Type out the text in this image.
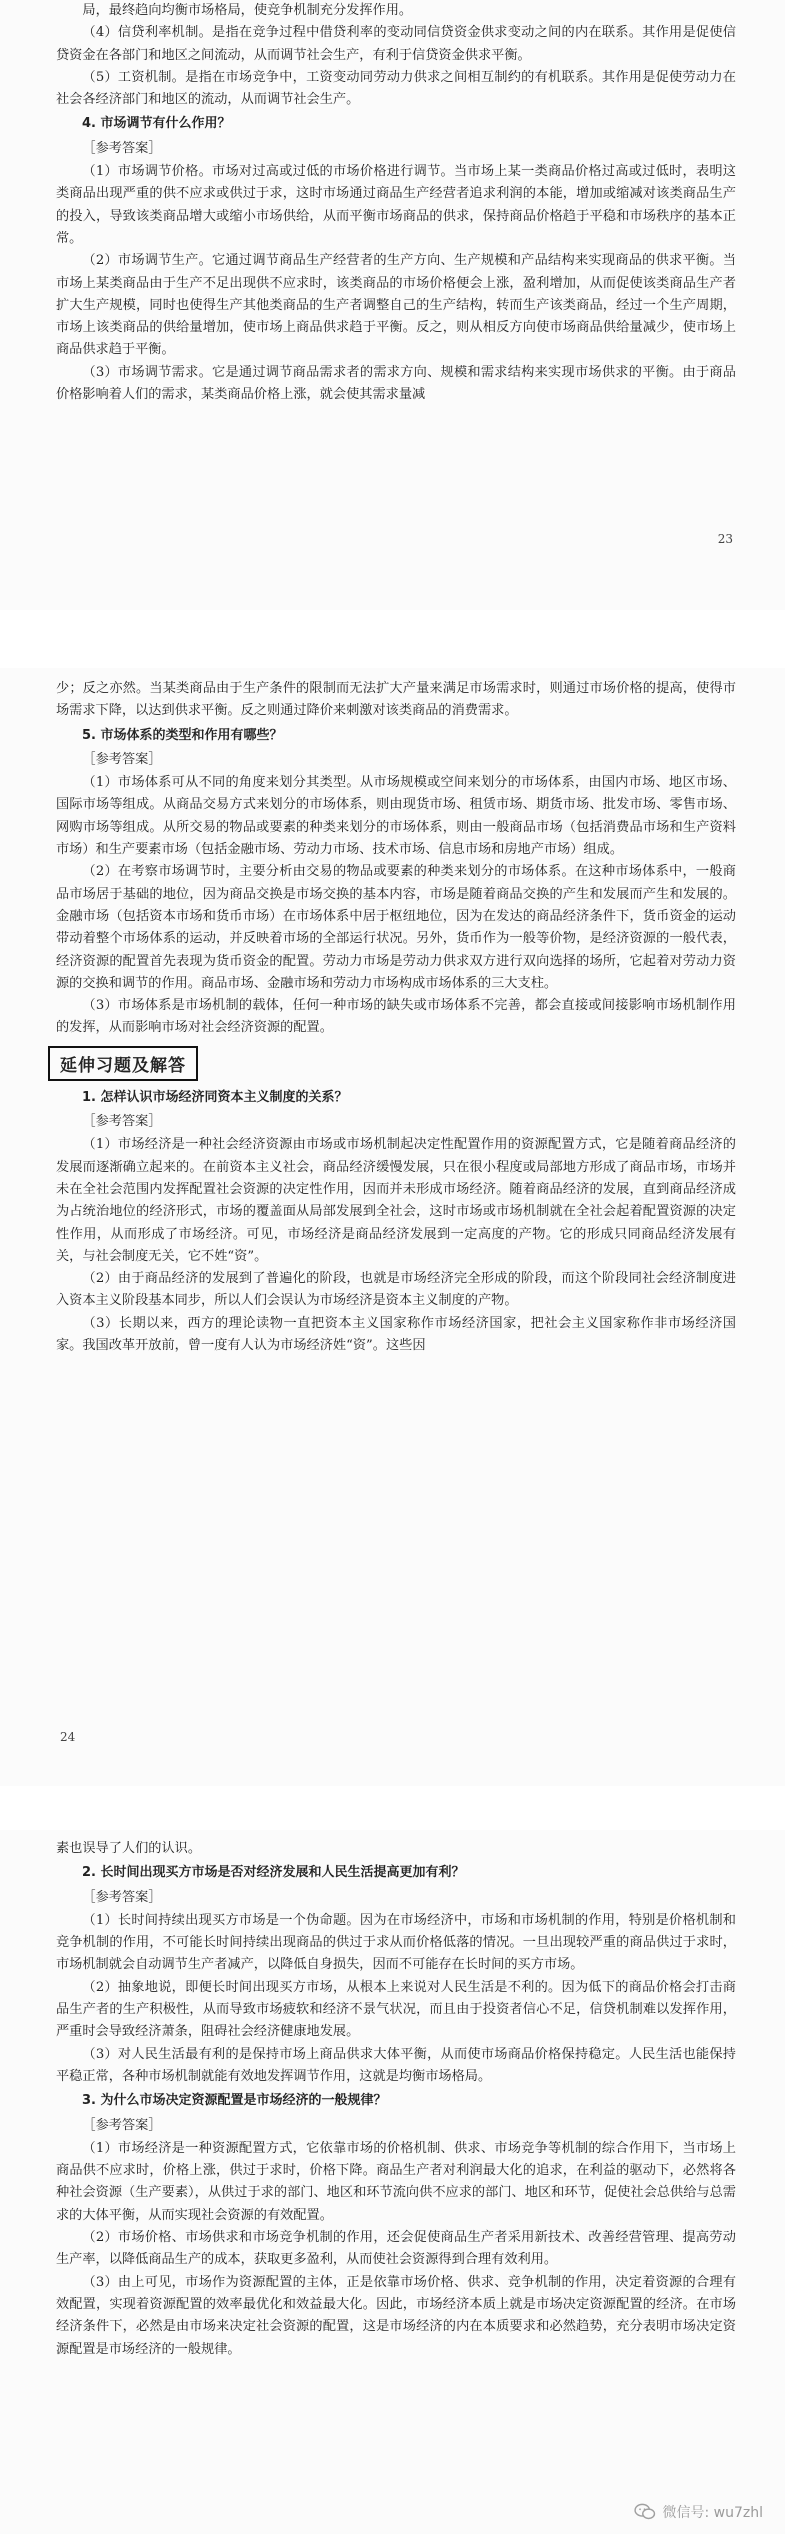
局，最终趋向均衡市场格局，使竞争机制充分发挥作用。

（4）信贷利率机制。是指在竞争过程中借贷利率的变动同信贷资金供求变动之间的内在联系。其作用是促使信贷资金在各部门和地区之间流动，从而调节社会生产，有利于信贷资金供求平衡。

（5）工资机制。是指在市场竞争中，工资变动同劳动力供求之间相互制约的有机联系。其作用是促使劳动力在社会各经济部门和地区的流动，从而调节社会生产。

4. 市场调节有什么作用？

［参考答案］

（1）市场调节价格。市场对过高或过低的市场价格进行调节。当市场上某一类商品价格过高或过低时，表明这类商品出现严重的供不应求或供过于求，这时市场通过商品生产经营者追求利润的本能，增加或缩减对该类商品生产的投入，导致该类商品增大或缩小市场供给，从而平衡市场商品的供求，保持商品价格趋于平稳和市场秩序的基本正常。

（2）市场调节生产。它通过调节商品生产经营者的生产方向、生产规模和产品结构来实现商品的供求平衡。当市场上某类商品由于生产不足出现供不应求时，该类商品的市场价格便会上涨，盈利增加，从而促使该类商品生产者扩大生产规模，同时也使得生产其他类商品的生产者调整自己的生产结构，转而生产该类商品，经过一个生产周期，市场上该类商品的供给量增加，使市场上商品供求趋于平衡。反之，则从相反方向使市场商品供给量减少，使市场上商品供求趋于平衡。

（3）市场调节需求。它是通过调节商品需求者的需求方向、规模和需求结构来实现市场供求的平衡。由于商品价格影响着人们的需求，某类商品价格上涨，就会使其需求量减

23

少；反之亦然。当某类商品由于生产条件的限制而无法扩大产量来满足市场需求时，则通过市场价格的提高，使得市场需求下降，以达到供求平衡。反之则通过降价来刺激对该类商品的消费需求。

5. 市场体系的类型和作用有哪些？

［参考答案］

（1）市场体系可从不同的角度来划分其类型。从市场规模或空间来划分的市场体系，由国内市场、地区市场、国际市场等组成。从商品交易方式来划分的市场体系，则由现货市场、租赁市场、期货市场、批发市场、零售市场、网购市场等组成。从所交易的物品或要素的种类来划分的市场体系，则由一般商品市场（包括消费品市场和生产资料市场）和生产要素市场（包括金融市场、劳动力市场、技术市场、信息市场和房地产市场）组成。

（2）在考察市场调节时，主要分析由交易的物品或要素的种类来划分的市场体系。在这种市场体系中，一般商品市场居于基础的地位，因为商品交换是市场交换的基本内容，市场是随着商品交换的产生和发展而产生和发展的。金融市场（包括资本市场和货币市场）在市场体系中居于枢纽地位，因为在发达的商品经济条件下，货币资金的运动带动着整个市场体系的运动，并反映着市场的全部运行状况。另外，货币作为一般等价物，是经济资源的一般代表，经济资源的配置首先表现为货币资金的配置。劳动力市场是劳动力供求双方进行双向选择的场所，它起着对劳动力资源的交换和调节的作用。商品市场、金融市场和劳动力市场构成市场体系的三大支柱。

（3）市场体系是市场机制的载体，任何一种市场的缺失或市场体系不完善，都会直接或间接影响市场机制作用的发挥，从而影响市场对社会经济资源的配置。

延伸习题及解答

1. 怎样认识市场经济同资本主义制度的关系？

［参考答案］

（1）市场经济是一种社会经济资源由市场或市场机制起决定性配置作用的资源配置方式，它是随着商品经济的发展而逐渐确立起来的。在前资本主义社会，商品经济缓慢发展，只在很小程度或局部地方形成了商品市场，市场并未在全社会范围内发挥配置社会资源的决定性作用，因而并未形成市场经济。随着商品经济的发展，直到商品经济成为占统治地位的经济形式，市场的覆盖面从局部发展到全社会，这时市场或市场机制就在全社会起着配置资源的决定性作用，从而形成了市场经济。可见，市场经济是商品经济发展到一定高度的产物。它的形成只同商品经济发展有关，与社会制度无关，它不姓“资”。

（2）由于商品经济的发展到了普遍化的阶段，也就是市场经济完全形成的阶段，而这个阶段同社会经济制度进入资本主义阶段基本同步，所以人们会误认为市场经济是资本主义制度的产物。

（3）长期以来，西方的理论读物一直把资本主义国家称作市场经济国家，把社会主义国家称作非市场经济国家。我国改革开放前，曾一度有人认为市场经济姓“资”。这些因

24

素也误导了人们的认识。

2. 长时间出现买方市场是否对经济发展和人民生活提高更加有利？

［参考答案］

（1）长时间持续出现买方市场是一个伪命题。因为在市场经济中，市场和市场机制的作用，特别是价格机制和竞争机制的作用，不可能长时间持续出现商品的供过于求从而价格低落的情况。一旦出现较严重的商品供过于求时，市场机制就会自动调节生产者减产，以降低自身损失，因而不可能存在长时间的买方市场。

（2）抽象地说，即便长时间出现买方市场，从根本上来说对人民生活是不利的。因为低下的商品价格会打击商品生产者的生产积极性，从而导致市场疲软和经济不景气状况，而且由于投资者信心不足，信贷机制难以发挥作用，严重时会导致经济萧条，阻碍社会经济健康地发展。

（3）对人民生活最有利的是保持市场上商品供求大体平衡，从而使市场商品价格保持稳定。人民生活也能保持平稳正常，各种市场机制就能有效地发挥调节作用，这就是均衡市场格局。

3. 为什么市场决定资源配置是市场经济的一般规律？

［参考答案］

（1）市场经济是一种资源配置方式，它依靠市场的价格机制、供求、市场竞争等机制的综合作用下，当市场上商品供不应求时，价格上涨，供过于求时，价格下降。商品生产者对利润最大化的追求，在利益的驱动下，必然将各种社会资源（生产要素），从供过于求的部门、地区和环节流向供不应求的部门、地区和环节，促使社会总供给与总需求的大体平衡，从而实现社会资源的有效配置。

（2）市场价格、市场供求和市场竞争机制的作用，还会促使商品生产者采用新技术、改善经营管理、提高劳动生产率，以降低商品生产的成本，获取更多盈利，从而使社会资源得到合理有效利用。

（3）由上可见，市场作为资源配置的主体，正是依靠市场价格、供求、竞争机制的作用，决定着资源的合理有效配置，实现着资源配置的效率最优化和效益最大化。因此，市场经济本质上就是市场决定资源配置的经济。在市场经济条件下，必然是由市场来决定社会资源的配置，这是市场经济的内在本质要求和必然趋势，充分表明市场决定资源配置是市场经济的一般规律。

微信号: wu7zhl
